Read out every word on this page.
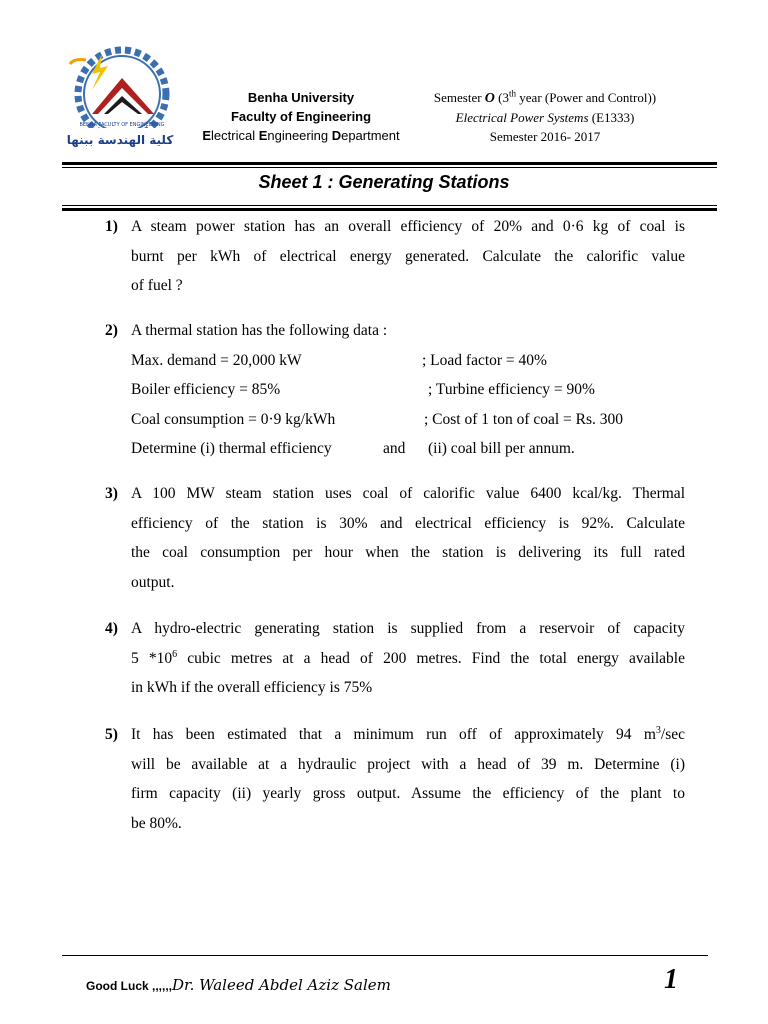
كلية الهندسة ببنها
BENHA FACULTY OF ENGINEERING
Benha University
Faculty of Engineering
Electrical Engineering Department
Semester O (3th year (Power and Control))
Electrical Power Systems (E1333)
Semester 2016- 2017
Sheet 1 : Generating Stations
1) A steam power station has an overall efficiency of 20% and 0·6 kg of coal is
burnt per kWh of electrical energy generated. Calculate the calorific value
of fuel ?
2) A thermal station has the following data :
Max. demand = 20,000 kW	; Load factor = 40%
Boiler efficiency = 85%	; Turbine efficiency = 90%
Coal consumption = 0·9 kg/kWh	; Cost of 1 ton of coal = Rs. 300
Determine (i) thermal efficiency	and (ii) coal bill per annum.
3) A 100 MW steam station uses coal of calorific value 6400 kcal/kg. Thermal
efficiency of the station is 30% and electrical efficiency is 92%. Calculate
the coal consumption per hour when the station is delivering its full rated
output.
4) A hydro-electric generating station is supplied from a reservoir of capacity
5 $*10^6$ cubic metres at a head of 200 metres. Find the total energy available
in kWh if the overall efficiency is 75%
5) It has been estimated that a minimum run off of approximately 94 $m^3/\sec$
will be available at a hydraulic project with a head of 39 m. Determine (i)
firm capacity (ii) yearly gross output. Assume the efficiency of the plant to
be 80%.
Good Luck ,,,,,,Dr. Waleed Abdel Aziz Salem	1
